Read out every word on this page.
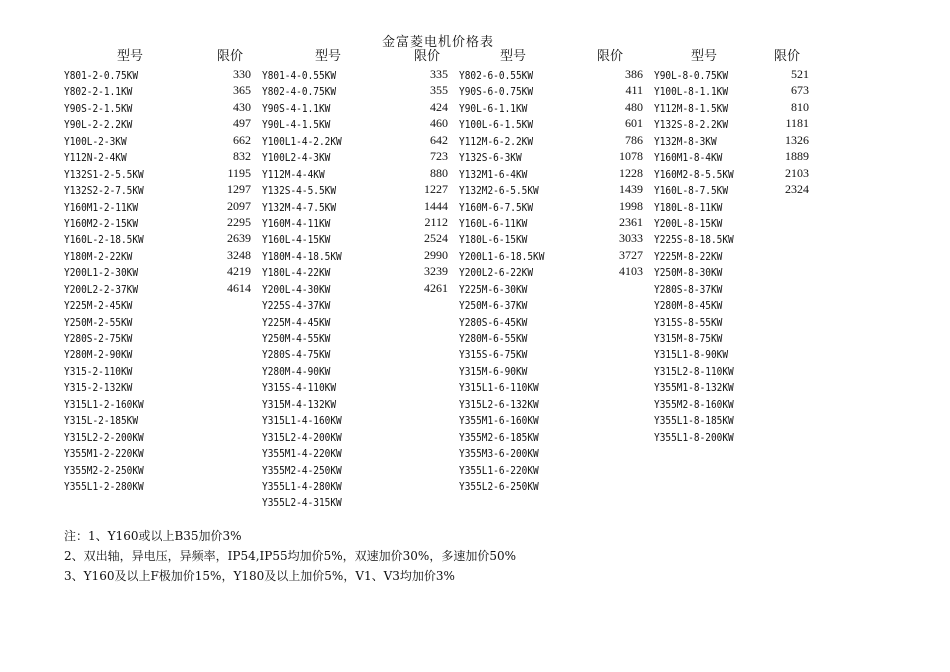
金富菱电机价格表
型号	限价	型号	限价	型号	限价	型号	限价
Y801-2-0.75KW	330
Y802-2-1.1KW	365
Y90S-2-1.5KW	430
Y90L-2-2.2KW	497
Y100L-2-3KW	662
Y112N-2-4KW	832
Y132S1-2-5.5KW	1195
Y132S2-2-7.5KW	1297
Y160M1-2-11KW	2097
Y160M2-2-15KW	2295
Y160L-2-18.5KW	2639
Y180M-2-22KW	3248
Y200L1-2-30KW	4219
Y200L2-2-37KW	4614
Y225M-2-45KW
Y250M-2-55KW
Y280S-2-75KW
Y280M-2-90KW
Y315-2-110KW
Y315-2-132KW
Y315L1-2-160KW
Y315L-2-185KW
Y315L2-2-200KW
Y355M1-2-220KW
Y355M2-2-250KW
Y355L1-2-280KW
Y801-4-0.55KW	335
Y802-4-0.75KW	355
Y90S-4-1.1KW	424
Y90L-4-1.5KW	460
Y100L1-4-2.2KW	642
Y100L2-4-3KW	723
Y112M-4-4KW	880
Y132S-4-5.5KW	1227
Y132M-4-7.5KW	1444
Y160M-4-11KW	2112
Y160L-4-15KW	2524
Y180M-4-18.5KW	2990
Y180L-4-22KW	3239
Y200L-4-30KW	4261
Y225S-4-37KW
Y225M-4-45KW
Y250M-4-55KW
Y280S-4-75KW
Y280M-4-90KW
Y315S-4-110KW
Y315M-4-132KW
Y315L1-4-160KW
Y315L2-4-200KW
Y355M1-4-220KW
Y355M2-4-250KW
Y355L1-4-280KW
Y355L2-4-315KW
Y802-6-0.55KW	386
Y90S-6-0.75KW	411
Y90L-6-1.1KW	480
Y100L-6-1.5KW	601
Y112M-6-2.2KW	786
Y132S-6-3KW	1078
Y132M1-6-4KW	1228
Y132M2-6-5.5KW	1439
Y160M-6-7.5KW	1998
Y160L-6-11KW	2361
Y180L-6-15KW	3033
Y200L1-6-18.5KW	3727
Y200L2-6-22KW	4103
Y225M-6-30KW
Y250M-6-37KW
Y280S-6-45KW
Y280M-6-55KW
Y315S-6-75KW
Y315M-6-90KW
Y315L1-6-110KW
Y315L2-6-132KW
Y355M1-6-160KW
Y355M2-6-185KW
Y355M3-6-200KW
Y355L1-6-220KW
Y355L2-6-250KW
Y90L-8-0.75KW	521
Y100L-8-1.1KW	673
Y112M-8-1.5KW	810
Y132S-8-2.2KW	1181
Y132M-8-3KW	1326
Y160M1-8-4KW	1889
Y160M2-8-5.5KW	2103
Y160L-8-7.5KW	2324
Y180L-8-11KW
Y200L-8-15KW
Y225S-8-18.5KW
Y225M-8-22KW
Y250M-8-30KW
Y280S-8-37KW
Y280M-8-45KW
Y315S-8-55KW
Y315M-8-75KW
Y315L1-8-90KW
Y315L2-8-110KW
Y355M1-8-132KW
Y355M2-8-160KW
Y355L1-8-185KW
Y355L1-8-200KW
注：1、Y160或以上B35加价3%
2、双出轴，异电压，异频率，IP54,IP55均加价5%，双速加价30%，多速加价50%
3、Y160及以上F极加价15%，Y180及以上加价5%，V1、V3均加价3%
